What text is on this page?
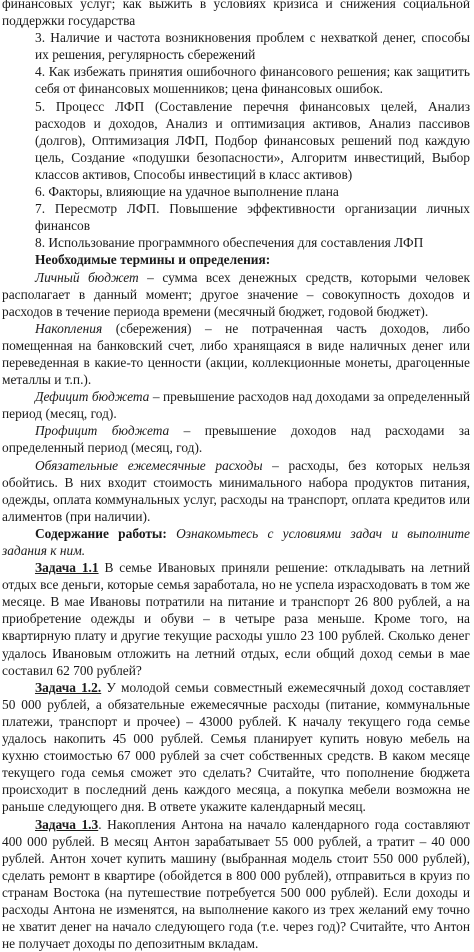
финансовых услуг; как выжить в условиях кризиса и снижения социальной поддержки государства

3. Наличие и частота возникновения проблем с нехваткой денег, способы их решения, регулярность сбережений

4. Как избежать принятия ошибочного финансового решения; как защитить себя от финансовых мошенников; цена финансовых ошибок.

5. Процесс ЛФП (Составление перечня финансовых целей, Анализ расходов и доходов, Анализ и оптимизация активов, Анализ пассивов (долгов), Оптимизация ЛФП, Подбор финансовых решений под каждую цель, Создание «подушки безопасности», Алгоритм инвестиций, Выбор классов активов, Способы инвестиций в класс активов)

6. Факторы, влияющие на удачное выполнение плана

7. Пересмотр ЛФП. Повышение эффективности организации личных финансов

8. Использование программного обеспечения для составления ЛФП

Необходимые термины и определения:

Личный бюджет – сумма всех денежных средств, которыми человек располагает в данный момент; другое значение – совокупность доходов и расходов в течение периода времени (месячный бюджет, годовой бюджет).

Накопления (сбережения) – не потраченная часть доходов, либо помещенная на банковский счет, либо хранящаяся в виде наличных денег или переведенная в какие-то ценности (акции, коллекционные монеты, драгоценные металлы и т.п.).

Дефицит бюджета – превышение расходов над доходами за определенный период (месяц, год).

Профицит бюджета – превышение доходов над расходами за определенный период (месяц, год).

Обязательные ежемесячные расходы – расходы, без которых нельзя обойтись. В них входит стоимость минимального набора продуктов питания, одежды, оплата коммунальных услуг, расходы на транспорт, оплата кредитов или алиментов (при наличии).

Содержание работы: Ознакомьтесь с условиями задач и выполните задания к ним.

Задача 1.1 В семье Ивановых приняли решение: откладывать на летний отдых все деньги, которые семья заработала, но не успела израсходовать в том же месяце. В мае Ивановы потратили на питание и транспорт 26 800 рублей, а на приобретение одежды и обуви – в четыре раза меньше. Кроме того, на квартирную плату и другие текущие расходы ушло 23 100 рублей. Сколько денег удалось Ивановым отложить на летний отдых, если общий доход семьи в мае составил 62 700 рублей?

Задача 1.2. У молодой семьи совместный ежемесячный доход составляет 50 000 рублей, а обязательные ежемесячные расходы (питание, коммунальные платежи, транспорт и прочее) – 43000 рублей. К началу текущего года семье удалось накопить 45 000 рублей. Семья планирует купить новую мебель на кухню стоимостью 67 000 рублей за счет собственных средств. В каком месяце текущего года семья сможет это сделать? Считайте, что пополнение бюджета происходит в последний день каждого месяца, а покупка мебели возможна не раньше следующего дня. В ответе укажите календарный месяц.

Задача 1.3. Накопления Антона на начало календарного года составляют 400 000 рублей. В месяц Антон зарабатывает 55 000 рублей, а тратит – 40 000 рублей. Антон хочет купить машину (выбранная модель стоит 550 000 рублей), сделать ремонт в квартире (обойдется в 800 000 рублей), отправиться в круиз по странам Востока (на путешествие потребуется 500 000 рублей). Если доходы и расходы Антона не изменятся, на выполнение какого из трех желаний ему точно не хватит денег на начало следующего года (т.е. через год)? Считайте, что Антон не получает доходы по депозитным вкладам.
